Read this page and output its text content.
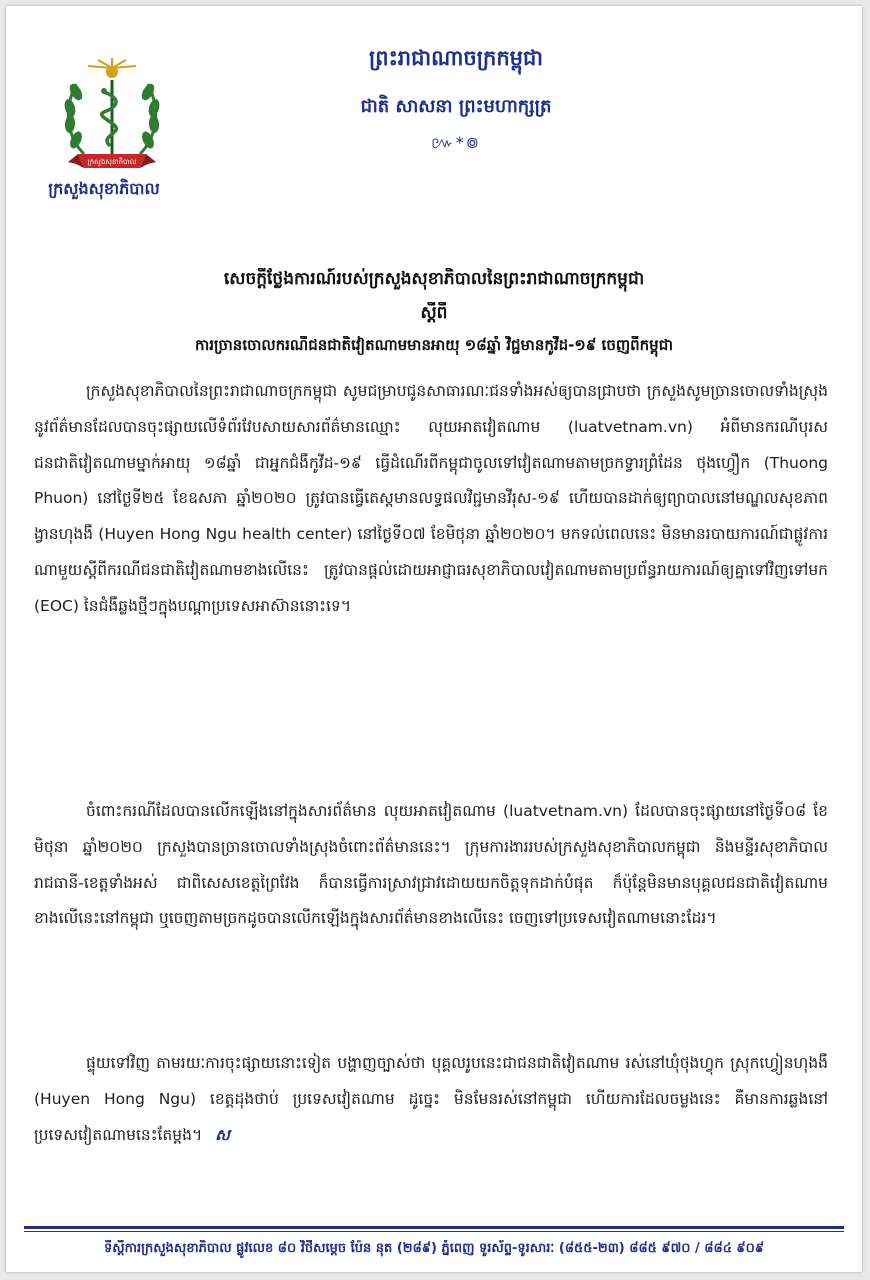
ក្រសួងសុខាភិបាល
ក្រសួងសុខាភិបាល
ព្រះរាជាណាចក្រកម្ពុជា
ជាតិ សាសនា ព្រះមហាក្សត្រ
៚*៙
សេចក្តីថ្លែងការណ៍របស់ក្រសួងសុខាភិបាលនៃព្រះរាជាណាចក្រកម្ពុជា
ស្តីពី
ការច្រានចោលករណីជនជាតិវៀតណាមមានអាយុ ១៨ឆ្នាំ វិជ្ជមានកូវីដ-១៩ ចេញពីកម្ពុជា
ក្រសួងសុខាភិបាលនៃព្រះរាជាណាចក្រកម្ពុជា សូមជម្រាបជូនសាធារណៈជនទាំងអស់ឲ្យបានជ្រាបថា ក្រសួងសូមច្រានចោលទាំងស្រុងនូវព័ត៌មានដែលបានចុះផ្សាយលើទំព័រវែបសាយសារព័ត៌មានឈ្មោះ លុយអាតវៀតណាម (luatvetnam.vn) អំពីមានករណីបុរសជនជាតិវៀតណាមម្នាក់អាយុ ១៨ឆ្នាំ ជាអ្នកជំងឺកូវីដ-១៩ ធ្វើដំណើរពីកម្ពុជាចូលទៅវៀតណាមតាមច្រកទ្វារព្រំដែន ថុងហ្វឿក (Thuong Phuon) នៅថ្ងៃទី២៥ ខែឧសភា ឆ្នាំ២០២០ ត្រូវបានធ្វើតេស្តមានលទ្ធផលវិជ្ជមានវីរុស-១៩ ហើយបានដាក់ឲ្យព្យាបាលនៅមណ្ឌលសុខភាព ង្វានហុងងឺ (Huyen Hong Ngu health center) នៅថ្ងៃទី០៧ ខែមិថុនា ឆ្នាំ២០២០។ មកទល់ពេលនេះ មិនមានរបាយការណ៍ជាផ្លូវការណាមួយស្តីពីករណីជនជាតិវៀតណាមខាងលើនេះ ត្រូវបានផ្តល់ដោយអាជ្ញាធរសុខាភិបាលវៀតណាមតាមប្រព័ន្ធរាយការណ៍ឲ្យគ្នាទៅវិញទៅមក (EOC) នៃជំងឺឆ្លងថ្មីៗក្នុងបណ្តាប្រទេសអាស៊ាននោះទេ។
ចំពោះករណីដែលបានលើកឡើងនៅក្នុងសារព័ត៌មាន លុយអាតវៀតណាម (luatvetnam.vn) ដែលបានចុះផ្សាយនៅថ្ងៃទី០៨ ខែមិថុនា ឆ្នាំ២០២០ ក្រសួងបានច្រានចោលទាំងស្រុងចំពោះព័ត៌មាននេះ។ ក្រុមការងាររបស់ក្រសួងសុខាភិបាលកម្ពុជា និងមន្ទីរសុខាភិបាលរាជធានី-ខេត្តទាំងអស់ ជាពិសេសខេត្តព្រៃវែង ក៏បានធ្វើការស្រាវជ្រាវដោយយកចិត្តទុកដាក់បំផុត ក៏ប៉ុន្តែមិនមានបុគ្គលជនជាតិវៀតណាមខាងលើនេះនៅកម្ពុជា ឬចេញតាមច្រកដូចបានលើកឡើងក្នុងសារព័ត៌មានខាងលើនេះ ចេញទៅប្រទេសវៀតណាមនោះដែរ។
ផ្ទុយទៅវិញ តាមរយៈការចុះផ្សាយនោះទៀត បង្ហាញច្បាស់ថា បុគ្គលរូបនេះជាជនជាតិវៀតណាម រស់នៅឃុំថុងហ្វុក ស្រុកហ្វៀនហុងងឺ (Huyen Hong Ngu) ខេត្តដុងថាប់ ប្រទេសវៀតណាម ដូច្នេះ មិនមែនរស់នៅកម្ពុជា ហើយការដែលចម្លងនេះ គឺមានការឆ្លងនៅប្រទេសវៀតណាមនេះតែម្តង។ ស
ទីស្តីការក្រសួងសុខាភិបាល ផ្លូវលេខ ៨០ វិថីសម្តេច ប៉ែន នុត (២៨៩) ភ្នំពេញ ទូរស័ព្ទ-ទូរសារៈ (៨៥៥-២៣) ៨៨៥ ៩៧០ / ៨៨៤ ៩០៩
